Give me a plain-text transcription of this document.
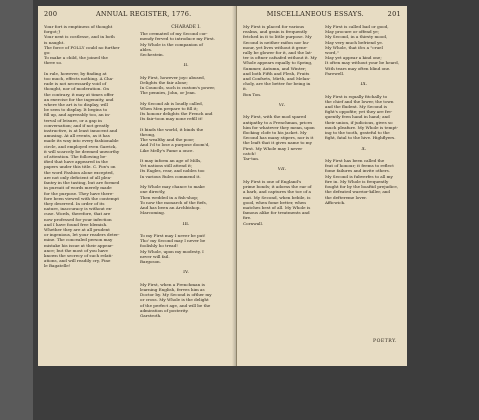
200	ANNUAL REGISTER, 1776.
Your fort is emptiness of thought
forgot;}
Your next is costlesse, and in both
is naught.
The force of FOLLY could no further
go:
To make a child, the joined the
three so.

In rule, however, by finding at
too much, effects nothing. A Cha-
rade is not necessarily void of
thought, nor of moderation. On
the contrary, it may at times offer
an exercise for the ingenuity, and
where the art is to display, will
be seen to display. It begins to
fill up, and agreeably too, an in-
terval of leisure, or a gap in
conversation; and if not greatly
instructive, is at least innocent and
amusing. At all events, as it has
made its way into every fashionable
circle, and employed even Garrick,
it will scarcely be deemed unworthy
of attention. The following be-
ified that have appeared in the
papers under this title. C. Fox's on
the word Fashion alone excepted,
are not only deficient of all plea-
fantry in the tasting, but are formed
in pursuit of words merely made
for the purpose. They have there-
fore been viewed with the contempt
they deserved. In order of its
nature, inaccuracy is without ex-
cuse. Words, therefore, that are
now professed for your infection
and I have found free blemish.
Whether they are at all prudent
or ingenious, let your readers deter-
mine. The concealed person may
mistake his issue at their appear-
ance; but the most of you have
known the secrecy of such relati-
ations, and will readily cry, Fine
le Bagatelle!
CHARADE I.
The cremated of my Second cor-
mendy ferved to introduce my First.
My Whole is the companion of
ables.
Sechestein.

II.

My First, however joyc abused,
Delights the fair alone;
In Councils, such is custom's power,
The pennies, John, or Jean.

My Second ab is loudly called,
When Men prepare to fill it;
Its honour delights the French and
Its fair-toon may none refill it!

It binds the world, it binds the
throng,
The wealthy and the poor;
And I'd to lose a purpose doom'd,
Like Melly's Fame a once.

It may inform an age of Mills,
Yet nations still attend it;
Its Eagles, rear, and nobles too
In various Rules commend it.

My Whole may chance to make
one directly,
Then wedded in a fish-shop;
To now the monarch of the fiefs,
And has been an Archbishop.
Marcoming.

III.

To my First may I never be put!
Tho' my Second may I never be
foolishly ho tread!
My Whole, upon my modesty, I
never will fail.
Bargoson.

IV.

My First, when a Frenchman is
learning English, ferves him as
Doctor by. My Second is ofther my
or cross. My Whole is the delight
of the perfect age, and will be the
admiration of posterity.
Garstroth.
MISCELLANEOUS ESSAYS.	201
My First is placed for various
realms, and grain is frequently
fetched in it to little purpose. My
Second is neither raifon nor hu-
mour, yet lives without it gene-
rally be glower for it, and the lat-
ter is oftner cafsafed without it. My
Whole appears equally to Spring,
Summer, Autumn, and Winter;
and both Fifth and Flesh, Fruits
and Confsets, Mirth, and Melan-
choly, are the better for being in
it.
Bon Ton.

VI.

My First, with the mod spared
antipathy to a Frenchman, prices
him for whatever they mean, upon
flocking clofe to his jacket. My
Second has many stipers, nor is it
the leaft that it gives name to my
First. My Whole may I never
catch!
Tar-tan.

VII.

My First is one of England's
prime bonds; it adorns the ear of
a barb, and captures the toe of a
mat. My Second, when bebile, is
good, when fome better, when
matches best of all. My Whole is
famous alike for treatments and
fire.
Cornwall.
My First is called bad or good,
May procure or offend ye;
My Second, in a thirsty mood,
May very much befriend ye.
My Whole, that ifcs a "cruel
word,"
May yet appear a kind one;
It often may without your be heard,
With tears may often blind one.
Farewell.

IX.

My First is equally fitchally to
the chief and the lower, the town
and the fludent. My Second is
fight's oppofite; yet they are fre-
quently feen hand in hand; and
their union, if judicious, gives so
much pleafure. My Whole is tempt-
ing to the tooth, grateful to the
fight, fatal to the hive. Highflyers.

X.

My First has been called the
feat of honour; it feems to reflect
fome failures and invite others.
My Second is fubverfes to all my
fire in. My Whole is frequently
fought for by the boaftid prejudice,
the defeated warrior-killer, and
the deftereme lover.
Afficwick.
POETRY.
